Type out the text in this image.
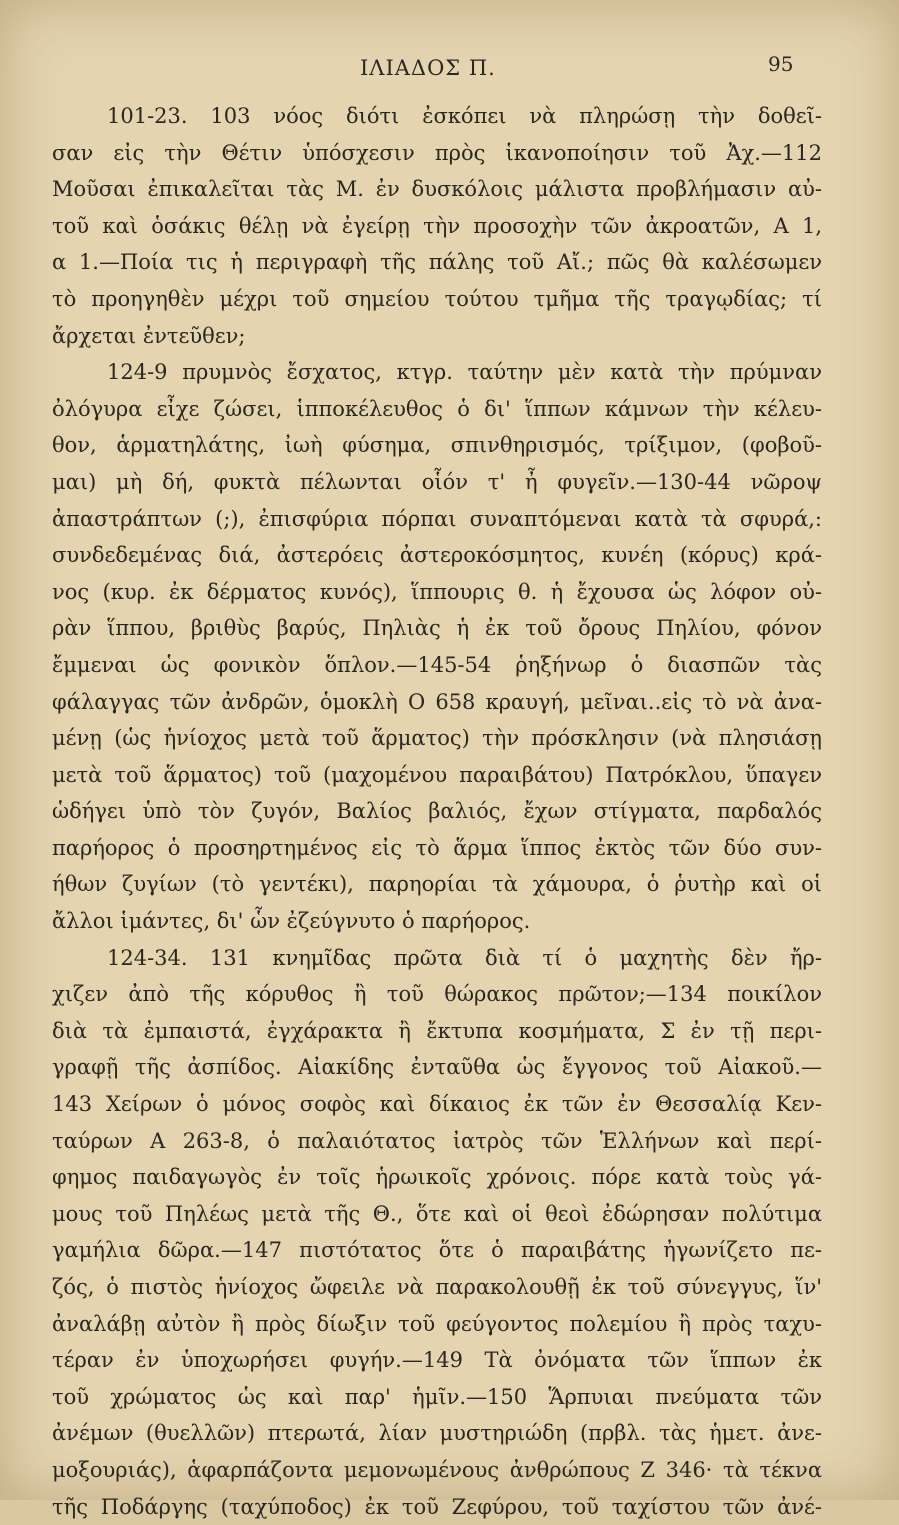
ΙΛΙΑΔΟΣ Π.	95
101-23. 103 νόος διότι ἐσκόπει νὰ πληρώσῃ τὴν δοθεῖ-
σαν εἰς τὴν Θέτιν ὑπόσχεσιν πρὸς ἱκανοποίησιν τοῦ Ἀχ.—112
Μοῦσαι ἐπικαλεῖται τὰς Μ. ἐν δυσκόλοις μάλιστα προβλήμασιν αὐ-
τοῦ καὶ ὁσάκις θέλῃ νὰ ἐγείρῃ τὴν προσοχὴν τῶν ἀκροατῶν, Α 1,
α 1.—Ποία τις ἡ περιγραφὴ τῆς πάλης τοῦ Αἴ.; πῶς θὰ καλέσωμεν
τὸ προηγηθὲν μέχρι τοῦ σημείου τούτου τμῆμα τῆς τραγῳδίας; τί
ἄρχεται ἐντεῦθεν;
124-9 πρυμνὸς ἔσχατος, κτγρ. ταύτην μὲν κατὰ τὴν πρύμναν
ὀλόγυρα εἶχε ζώσει, ἱπποκέλευθος ὁ δι' ἵππων κάμνων τὴν κέλευ-
θον, ἁρματηλάτης, ἰωὴ φύσημα, σπινθηρισμός, τρίξιμον, (φοβοῦ-
μαι) μὴ δή, φυκτὰ πέλωνται οἷόν τ' ἦ φυγεῖν.—130-44 νῶροψ
ἀπαστράπτων (;), ἐπισφύρια πόρπαι συναπτόμεναι κατὰ τὰ σφυρά,:
συνδεδεμένας διά, ἀστερόεις ἀστεροκόσμητος, κυνέη (κόρυς) κρά-
νος (κυρ. ἐκ δέρματος κυνός), ἵππουρις θ. ἡ ἔχουσα ὡς λόφον οὐ-
ρὰν ἵππου, βριθὺς βαρύς, Πηλιὰς ἡ ἐκ τοῦ ὄρους Πηλίου, φόνον
ἔμμεναι ὡς φονικὸν ὅπλον.—145-54 ῥηξήνωρ ὁ διασπῶν τὰς
φάλαγγας τῶν ἀνδρῶν, ὁμοκλὴ Ο 658 κραυγή, μεῖναι..εἰς τὸ νὰ ἀνα-
μένῃ (ὡς ἡνίοχος μετὰ τοῦ ἅρματος) τὴν πρόσκλησιν (νὰ πλησιάσῃ
μετὰ τοῦ ἅρματος) τοῦ (μαχομένου παραιβάτου) Πατρόκλου, ὕπαγεν
ὡδήγει ὑπὸ τὸν ζυγόν, Βαλίος βαλιός, ἔχων στίγματα, παρδαλός
παρήορος ὁ προσηρτημένος εἰς τὸ ἅρμα ἵππος ἐκτὸς τῶν δύο συν-
ήθων ζυγίων (τὸ γεντέκι), παρηορίαι τὰ χάμουρα, ὁ ῥυτὴρ καὶ οἱ
ἄλλοι ἱμάντες, δι' ὧν ἐζεύγνυτο ὁ παρήορος.
124-34. 131 κνημῖδας πρῶτα διὰ τί ὁ μαχητὴς δὲν ἤρ-
χιζεν ἀπὸ τῆς κόρυθος ἢ τοῦ θώρακος πρῶτον;—134 ποικίλον
διὰ τὰ ἐμπαιστά, ἐγχάρακτα ἢ ἔκτυπα κοσμήματα, Σ ἐν τῇ περι-
γραφῇ τῆς ἀσπίδος. Αἰακίδης ἐνταῦθα ὡς ἔγγονος τοῦ Αἰακοῦ.—
143 Χείρων ὁ μόνος σοφὸς καὶ δίκαιος ἐκ τῶν ἐν Θεσσαλίᾳ Κεν-
ταύρων Α 263-8, ὁ παλαιότατος ἰατρὸς τῶν Ἑλλήνων καὶ περί-
φημος παιδαγωγὸς ἐν τοῖς ἡρωικοῖς χρόνοις. πόρε κατὰ τοὺς γά-
μους τοῦ Πηλέως μετὰ τῆς Θ., ὅτε καὶ οἱ θεοὶ ἐδώρησαν πολύτιμα
γαμήλια δῶρα.—147 πιστότατος ὅτε ὁ παραιβάτης ἠγωνίζετο πε-
ζός, ὁ πιστὸς ἡνίοχος ὤφειλε νὰ παρακολουθῇ ἐκ τοῦ σύνεγγυς, ἵν'
ἀναλάβῃ αὐτὸν ἢ πρὸς δίωξιν τοῦ φεύγοντος πολεμίου ἢ πρὸς ταχυ-
τέραν ἐν ὑποχωρήσει φυγήν.—149 Τὰ ὀνόματα τῶν ἵππων ἐκ
τοῦ χρώματος ὡς καὶ παρ' ἡμῖν.—150 Ἅρπυιαι πνεύματα τῶν
ἀνέμων (θυελλῶν) πτερωτά, λίαν μυστηριώδη (πρβλ. τὰς ἡμετ. ἀνε-
μοξουριάς), ἁφαρπάζοντα μεμονωμένους ἀνθρώπους Ζ 346· τὰ τέκνα
τῆς Ποδάργης (ταχύποδος) ἐκ τοῦ Ζεφύρου, τοῦ ταχίστου τῶν ἀνέ-
